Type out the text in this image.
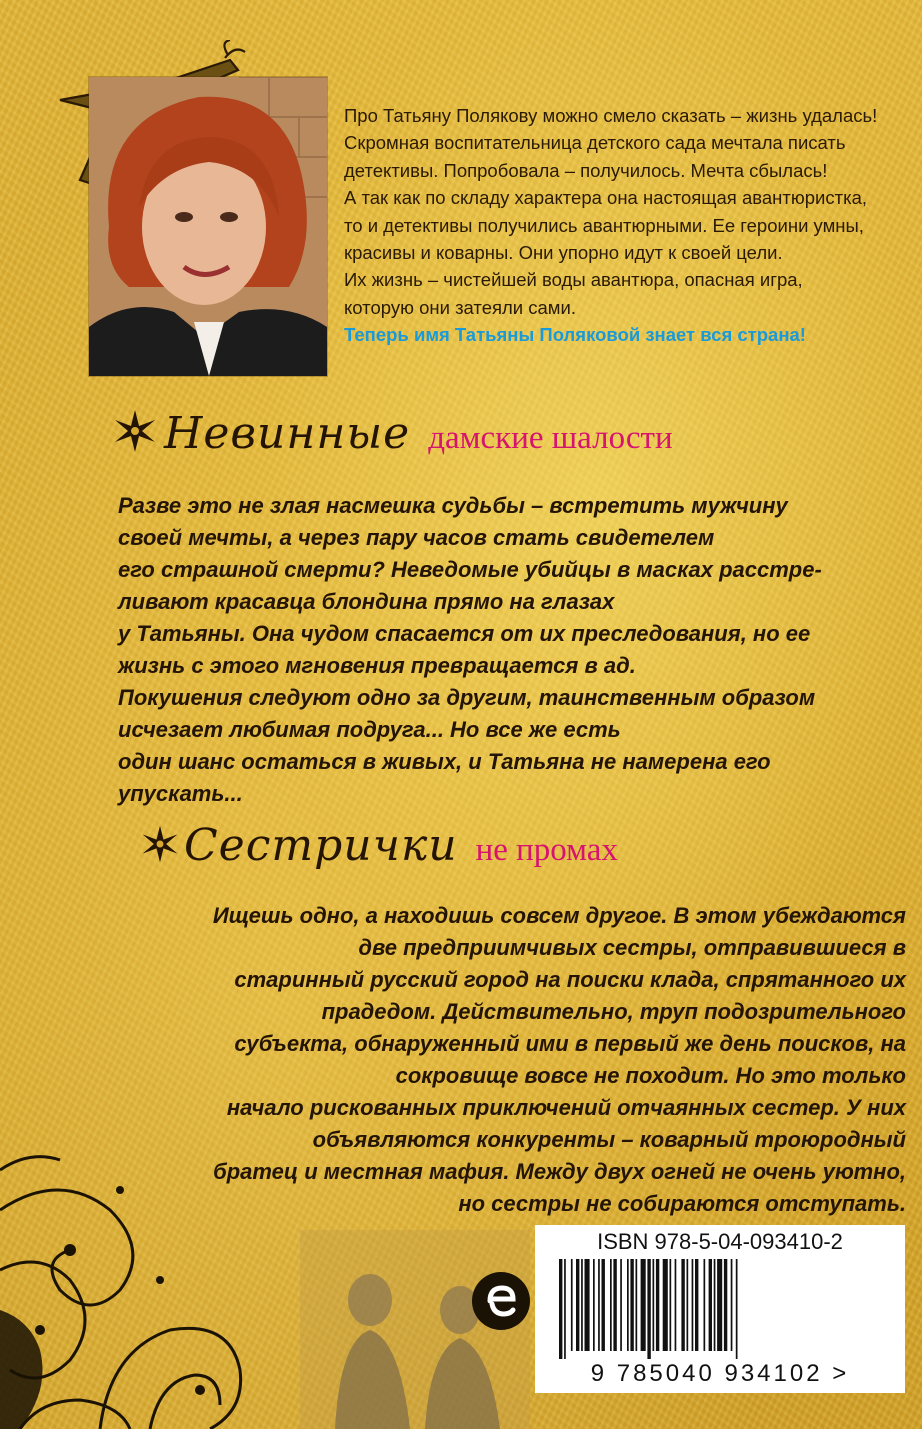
Про Татьяну Полякову можно смело сказать – жизнь удалась!
Скромная воспитательница детского сада мечтала писать
детективы. Попробовала – получилось. Мечта сбылась!
А так как по складу характера она настоящая авантюристка,
то и детективы получились авантюрными. Ее героини умны,
красивы и коварны. Они упорно идут к своей цели.
Их жизнь – чистейшей воды авантюра, опасная игра,
которую они затеяли сами.
Теперь имя Татьяны Поляковой знает вся страна!
Невинные дамские шалости
Разве это не злая насмешка судьбы – встретить мужчину
своей мечты, а через пару часов стать свидетелем
его страшной смерти? Неведомые убийцы в масках расстре-
ливают красавца блондина прямо на глазах
у Татьяны. Она чудом спасается от их преследования, но ее
жизнь с этого мгновения превращается в ад.
Покушения следуют одно за другим, таинственным образом
исчезает любимая подруга... Но все же есть
один шанс остаться в живых, и Татьяна не намерена его
упускать...
Сестрички не промах
Ищешь одно, а находишь совсем другое. В этом убеждаются
две предприимчивых сестры, отправившиеся в
старинный русский город на поиски клада, спрятанного их
прадедом. Действительно, труп подозрительного
субъекта, обнаруженный ими в первый же день поисков, на
сокровище вовсе не походит. Но это только
начало рискованных приключений отчаянных сестер. У них
объявляются конкуренты – коварный троюродный
братец и местная мафия. Между двух огней не очень уютно,
но сестры не собираются отступать.
ISBN 978-5-04-093410-2
9 785040 934102 >
